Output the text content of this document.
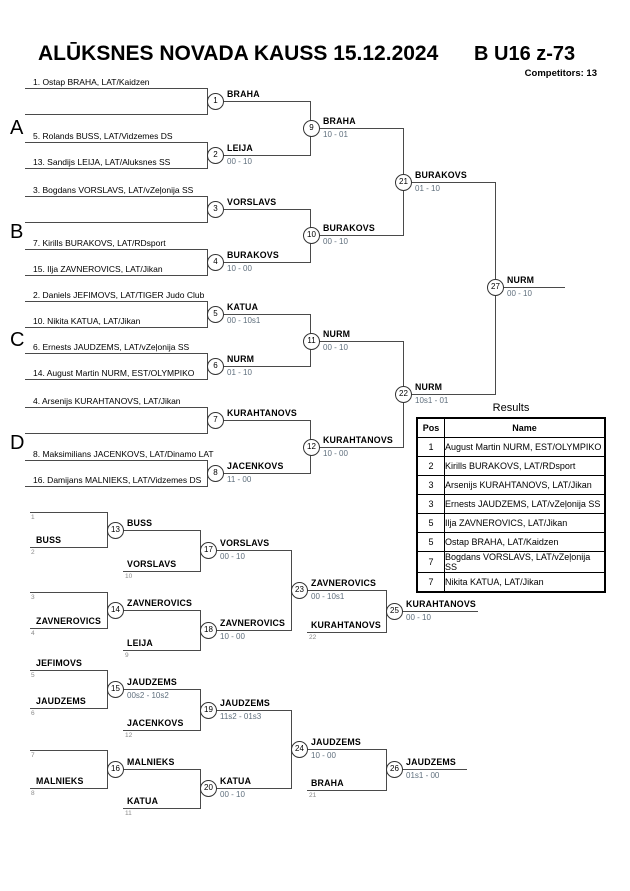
ALŪKSNES NOVADA KAUSS 15.12.2024 B U16 z-73
Competitors: 13
1
1. Ostap BRAHA, LAT/Kaidzen
BRAHA
2
5. Rolands BUSS, LAT/Vidzemes DS
13. Sandijs LEIJA, LAT/Aluksnes SS
LEIJA
00 - 10
3
3. Bogdans VORSLAVS, LAT/vZeļonija SS
VORSLAVS
4
7. Kirills BURAKOVS, LAT/RDsport
15. Ilja ZAVNEROVICS, LAT/Jikan
BURAKOVS
10 - 00
5
2. Daniels JEFIMOVS, LAT/TIGER Judo Club
10. Nikita KATUA, LAT/Jikan
KATUA
00 - 10s1
6
6. Ernests JAUDZEMS, LAT/vZeļonija SS
14. August Martin NURM, EST/OLYMPIKO
NURM
01 - 10
7
4. Arsenijs KURAHTANOVS, LAT/Jikan
KURAHTANOVS
8
8. Maksimilians JACENKOVS, LAT/Dinamo LAT
16. Damijans MALNIEKS, LAT/Vidzemes DS
JACENKOVS
11 - 00
9
BRAHA
10 - 01
10
BURAKOVS
00 - 10
11
NURM
00 - 10
12
KURAHTANOVS
10 - 00
21
BURAKOVS
01 - 10
22
NURM
10s1 - 01
27
NURM
00 - 10
A
B
C
D
13
1
BUSS
2
14
3
ZAVNEROVICS
4
15
JEFIMOVS
5
JAUDZEMS
6
16
7
MALNIEKS
8
BUSS
VORSLAVS
10
17
VORSLAVS
00 - 10
ZAVNEROVICS
LEIJA
9
18
ZAVNEROVICS
10 - 00
JAUDZEMS
00s2 - 10s2
JACENKOVS
12
19
JAUDZEMS
11s2 - 01s3
MALNIEKS
KATUA
11
20
KATUA
00 - 10
23
24
ZAVNEROVICS
00 - 10s1
KURAHTANOVS
22
JAUDZEMS
10 - 00
BRAHA
21
25
26
KURAHTANOVS
00 - 10
JAUDZEMS
01s1 - 00
Results
Pos	Name
1	August Martin NURM, EST/OLYMPIKO
2	Kirills BURAKOVS, LAT/RDsport
3	Arsenijs KURAHTANOVS, LAT/Jikan
3	Ernests JAUDZEMS, LAT/vZeļonija SS
5	Ilja ZAVNEROVICS, LAT/Jikan
5	Ostap BRAHA, LAT/Kaidzen
7	Bogdans VORSLAVS, LAT/vZeļonija SS
7	Nikita KATUA, LAT/Jikan
